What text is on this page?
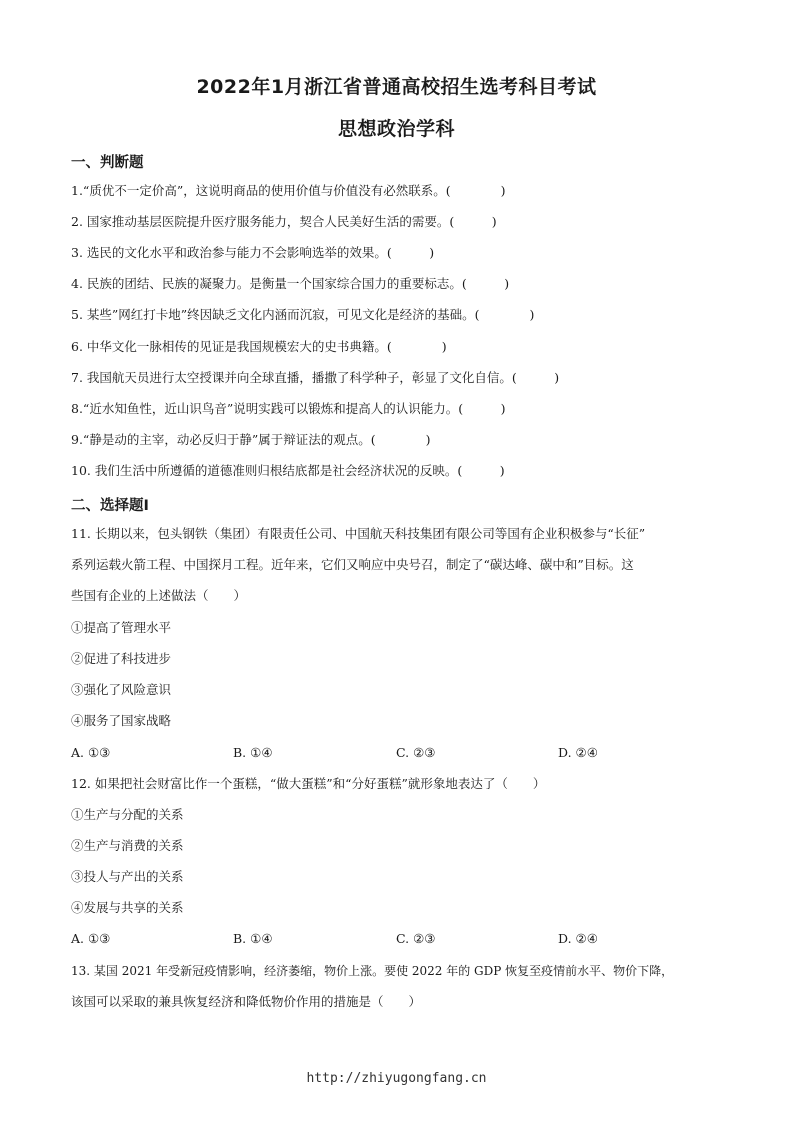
2022年1月浙江省普通高校招生选考科目考试
思想政治学科
一、判断题
1.“质优不一定价高”，这说明商品的使用价值与价值没有必然联系。(　　　　)
2. 国家推动基层医院提升医疗服务能力，契合人民美好生活的需要。(　　　)
3. 选民的文化水平和政治参与能力不会影响选举的效果。(　　　)
4. 民族的团结、民族的凝聚力。是衡量一个国家综合国力的重要标志。(　　　)
5. 某些”网红打卡地”终因缺乏文化内涵而沉寂，可见文化是经济的基础。(　　　　)
6. 中华文化一脉相传的见证是我国规模宏大的史书典籍。(　　　　)
7. 我国航天员进行太空授课并向全球直播，播撒了科学种子，彰显了文化自信。(　　　)
8.“近水知鱼性，近山识鸟音”说明实践可以锻炼和提高人的认识能力。(　　　)
9.“静是动的主宰，动必反归于静”属于辩证法的观点。(　　　　)
10. 我们生活中所遵循的道德准则归根结底都是社会经济状况的反映。(　　　)
二、选择题Ⅰ
11. 长期以来，包头钢铁（集团）有限责任公司、中国航天科技集团有限公司等国有企业积极参与“长征”
系列运载火箭工程、中国探月工程。近年来，它们又响应中央号召，制定了“碳达峰、碳中和”目标。这
些国有企业的上述做法（　　）
①提高了管理水平
②促进了科技进步
③强化了风险意识
④服务了国家战略
A. ①③	B. ①④	C. ②③	D. ②④
12. 如果把社会财富比作一个蛋糕，“做大蛋糕”和“分好蛋糕”就形象地表达了（　　）
①生产与分配的关系
②生产与消费的关系
③投人与产出的关系
④发展与共享的关系
A. ①③	B. ①④	C. ②③	D. ②④
13. 某国 2021 年受新冠疫情影响，经济萎缩，物价上涨。要使 2022 年的 GDP 恢复至疫情前水平、物价下降，
该国可以采取的兼具恢复经济和降低物价作用的措施是（　　）
http://zhiyugongfang.cn
